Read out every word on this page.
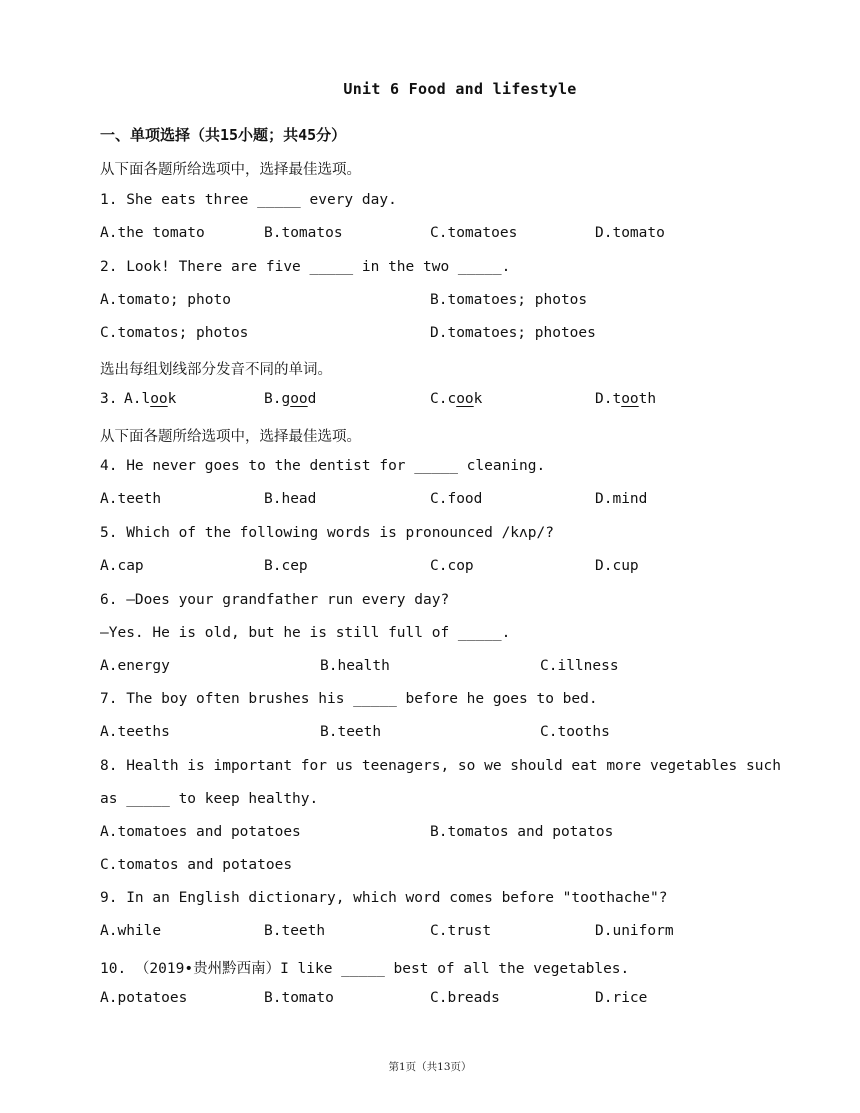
Unit 6 Food and lifestyle
一、单项选择（共15小题；共45分）
从下面各题所给选项中，选择最佳选项。
1. She eats three _____ every day.
A.the tomato	B.tomatos	C.tomatoes	D.tomato
2. Look! There are five _____ in the two _____.
A.tomato; photo	B.tomatoes; photos
C.tomatos; photos	D.tomatoes; photoes
选出每组划线部分发音不同的单词。
3. A.look	B.good	C.cook	D.tooth
从下面各题所给选项中，选择最佳选项。
4. He never goes to the dentist for _____ cleaning.
A.teeth	B.head	C.food	D.mind
5. Which of the following words is pronounced /kʌp/?
A.cap	B.cep	C.cop	D.cup
6. —Does your grandfather run every day?
—Yes. He is old, but he is still full of _____.
A.energy	B.health	C.illness
7. The boy often brushes his _____ before he goes to bed.
A.teeths	B.teeth	C.tooths
8. Health is important for us teenagers, so we should eat more vegetables such
as _____ to keep healthy.
A.tomatoes and potatoes	B.tomatos and potatos
C.tomatos and potatoes
9. In an English dictionary, which word comes before "toothache"?
A.while	B.teeth	C.trust	D.uniform
10. （2019•贵州黔西南）I like _____ best of all the vegetables.
A.potatoes	B.tomato	C.breads	D.rice
第1页（共13页）
